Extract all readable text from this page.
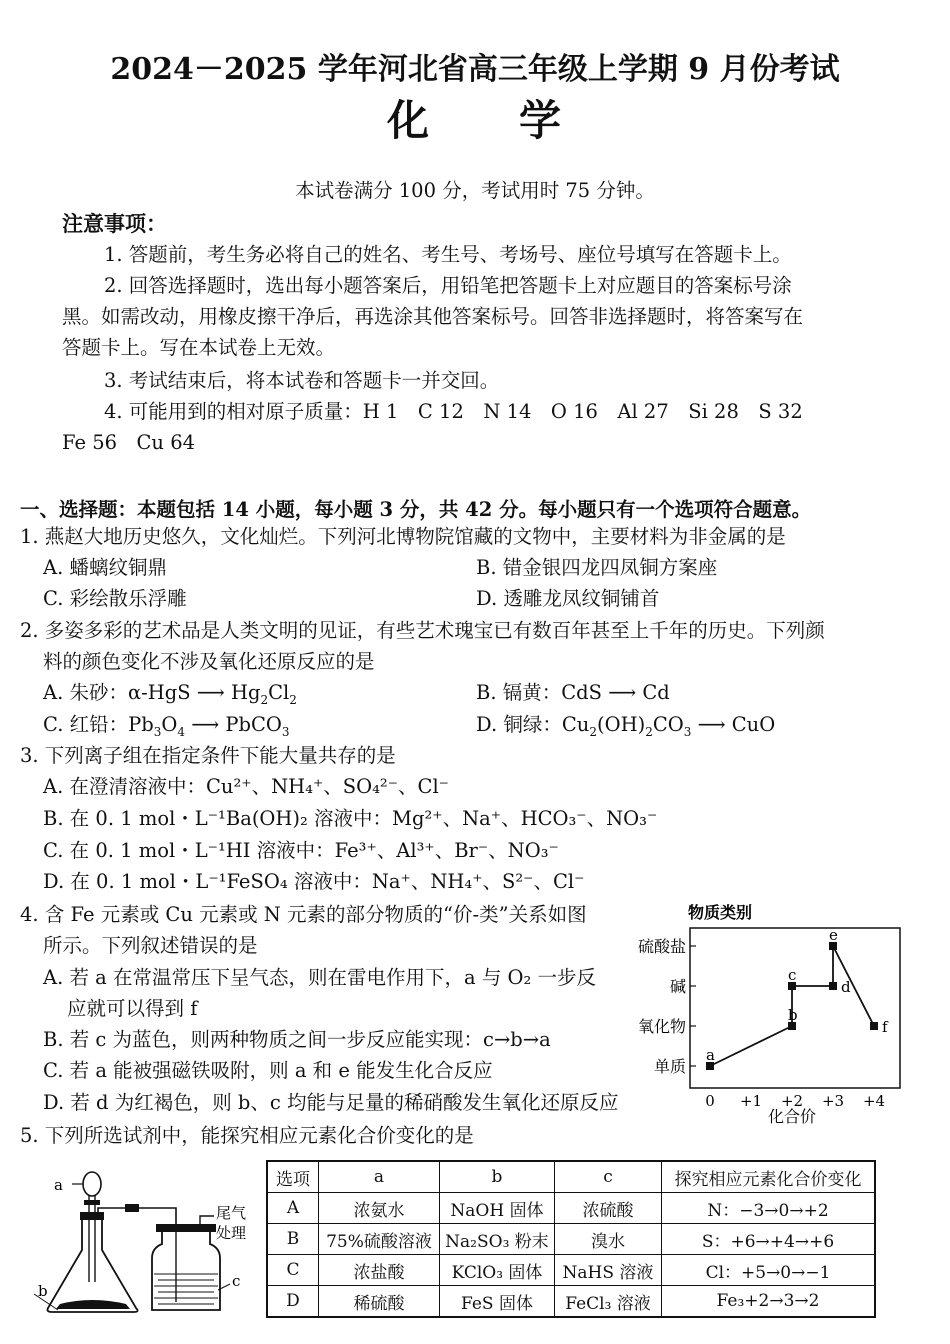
2024－2025 学年河北省高三年级上学期 9 月份考试
化　　学
本试卷满分 100 分，考试用时 75 分钟。
注意事项：
1. 答题前，考生务必将自己的姓名、考生号、考场号、座位号填写在答题卡上。
2. 回答选择题时，选出每小题答案后，用铅笔把答题卡上对应题目的答案标号涂
黑。如需改动，用橡皮擦干净后，再选涂其他答案标号。回答非选择题时，将答案写在
答题卡上。写在本试卷上无效。
3. 考试结束后，将本试卷和答题卡一并交回。
4. 可能用到的相对原子质量：H 1　C 12　N 14　O 16　Al 27　Si 28　S 32
Fe 56　Cu 64
一、选择题：本题包括 14 小题，每小题 3 分，共 42 分。每小题只有一个选项符合题意。
1. 燕赵大地历史悠久，文化灿烂。下列河北博物院馆藏的文物中，主要材料为非金属的是
A. 蟠螭纹铜鼎	B. 错金银四龙四凤铜方案座
C. 彩绘散乐浮雕	D. 透雕龙凤纹铜铺首
2. 多姿多彩的艺术品是人类文明的见证，有些艺术瑰宝已有数百年甚至上千年的历史。下列颜
料的颜色变化不涉及氧化还原反应的是
A. 朱砂：α-HgS ⟶ $Hg_2Cl_2$	B. 镉黄：CdS ⟶ Cd
C. 红铅：$Pb_3O_4$ ⟶ PbCO$_3$	D. 铜绿：$Cu_2(OH)_2CO_3$ ⟶ CuO
3. 下列离子组在指定条件下能大量共存的是
A. 在澄清溶液中：Cu²⁺、NH₄⁺、SO₄²⁻、Cl⁻
B. 在 0. 1 mol・L⁻¹Ba(OH)₂ 溶液中：Mg²⁺、Na⁺、HCO₃⁻、NO₃⁻
C. 在 0. 1 mol・L⁻¹HI 溶液中：Fe³⁺、Al³⁺、Br⁻、NO₃⁻
D. 在 0. 1 mol・L⁻¹FeSO₄ 溶液中：Na⁺、NH₄⁺、S²⁻、Cl⁻
4. 含 Fe 元素或 Cu 元素或 N 元素的部分物质的“价-类”关系如图
所示。下列叙述错误的是
A. 若 a 在常温常压下呈气态，则在雷电作用下，a 与 O₂ 一步反
应就可以得到 f
B. 若 c 为蓝色，则两种物质之间一步反应能实现：c→b→a
C. 若 a 能被强磁铁吸附，则 a 和 e 能发生化合反应
D. 若 d 为红褐色，则 b、c 均能与足量的稀硝酸发生氧化还原反应
物质类别
单质
氧化物
碱
硫酸盐
0 +1 +2 +3 +4
a
b
c
d
e
f
化合价
5. 下列所选试剂中，能探究相应元素化合价变化的是
a
b
c
尾气
处理
选项	a	b	c	探究相应元素化合价变化
A	浓氨水	NaOH 固体	浓硫酸	N：−3→0→+2
B	75%硫酸溶液	Na₂SO₃ 粉末	溴水	S：+6→+4→+6
C	浓盐酸	KClO₃ 固体	NaHS 溶液	Cl：+5→0→−1
D	稀硫酸	FeS 固体	FeCl₃ 溶液	Fe₃+2→3→2
